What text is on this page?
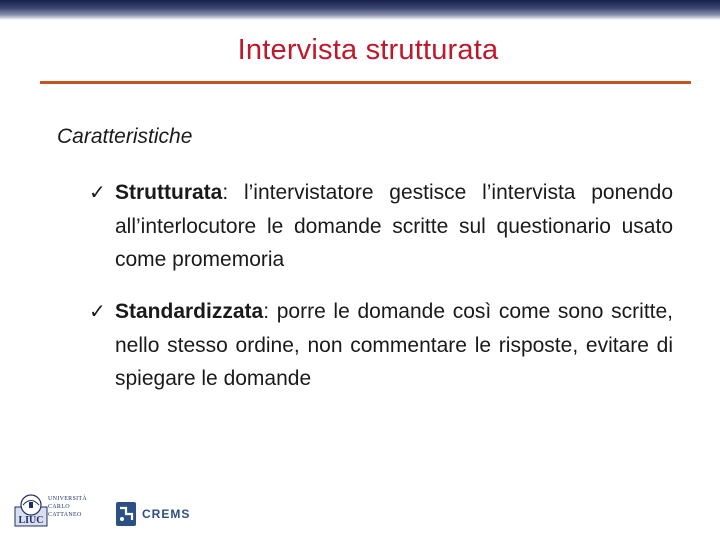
Intervista strutturata
Caratteristiche

✓ Strutturata: l’intervistatore gestisce l’intervista ponendo all’interlocutore le domande scritte sul questionario usato come promemoria

✓ Standardizzata: porre le domande così come sono scritte, nello stesso ordine, non commentare le risposte, evitare di spiegare le domande

LIUC
UNIVERSITÀ
CARLO
CATTANEO	CREMS
